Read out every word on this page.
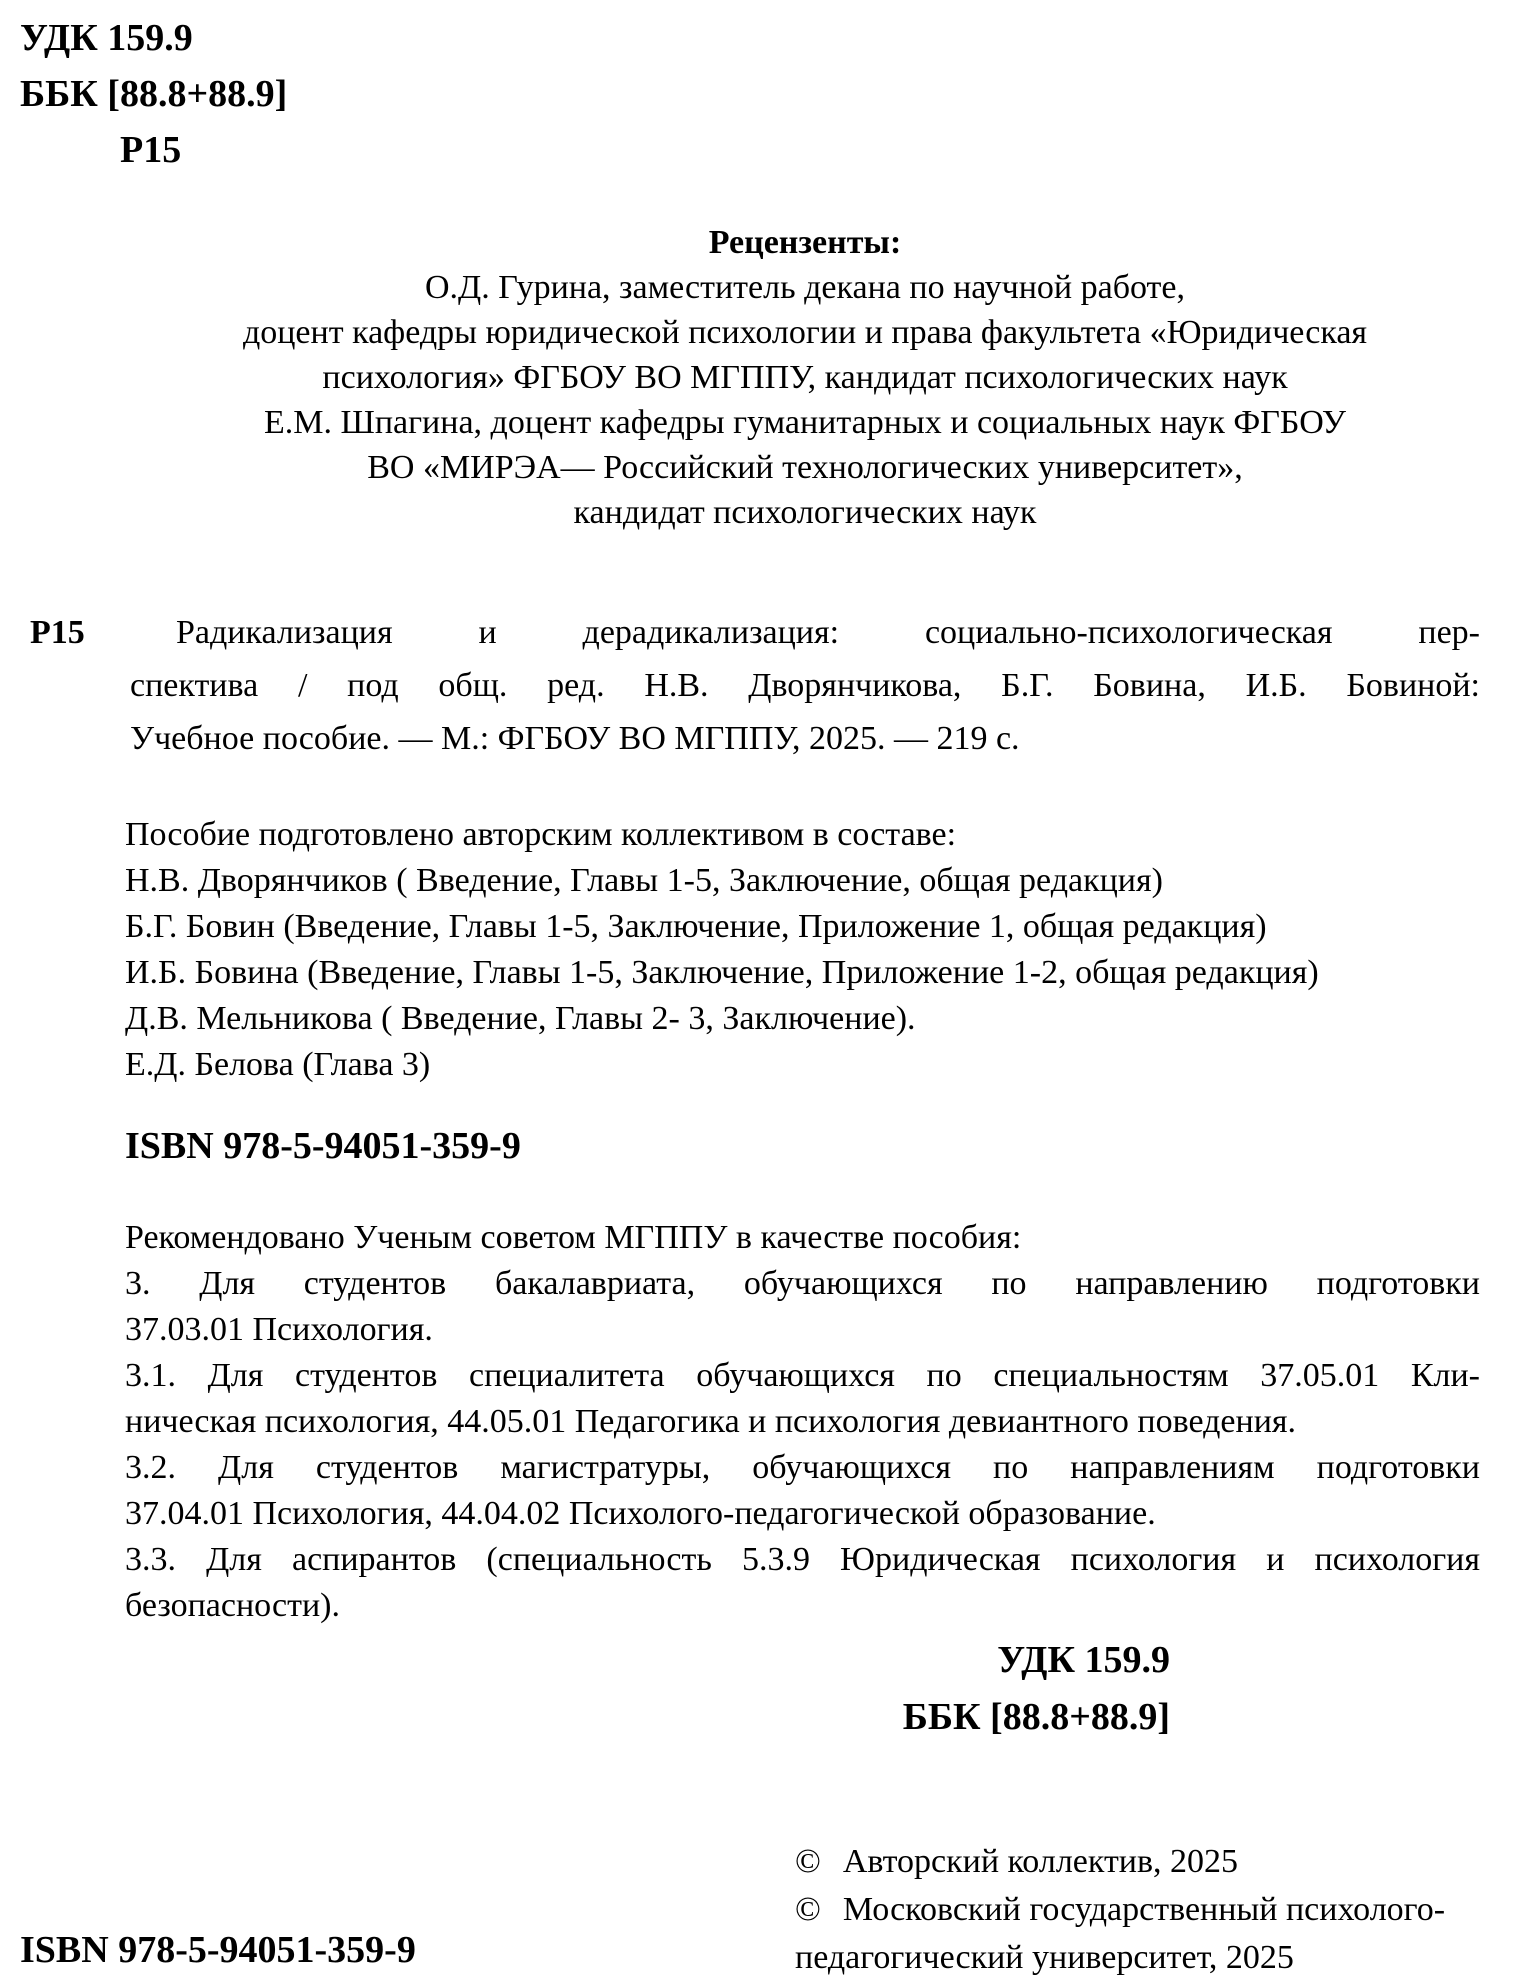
УДК 159.9
ББК [88.8+88.9]
Р15
Рецензенты:
О.Д. Гурина, заместитель декана по научной работе,
доцент кафедры юридической психологии и права факультета «Юридическая
психология» ФГБОУ ВО МГППУ, кандидат психологических наук
Е.М. Шпагина, доцент кафедры гуманитарных и социальных наук ФГБОУ
ВО «МИРЭА— Российский технологических университет»,
кандидат психологических наук
Р15	Радикализация и дерадикализация: социально-психологическая пер-
спектива / под общ. ред. Н.В. Дворянчикова, Б.Г. Бовина, И.Б. Бовиной:
Учебное пособие. — М.: ФГБОУ ВО МГППУ, 2025. — 219 с.
Пособие подготовлено авторским коллективом в составе:
Н.В. Дворянчиков ( Введение, Главы 1-5, Заключение, общая редакция)
Б.Г. Бовин (Введение, Главы 1-5, Заключение, Приложение 1, общая редакция)
И.Б. Бовина (Введение, Главы 1-5, Заключение, Приложение 1-2, общая редакция)
Д.В. Мельникова ( Введение, Главы 2- 3, Заключение).
Е.Д. Белова (Глава 3)
ISBN 978-5-94051-359-9
Рекомендовано Ученым советом МГППУ в качестве пособия:
3. Для студентов бакалавриата, обучающихся по направлению подготовки
37.03.01 Психология.
3.1. Для студентов специалитета обучающихся по специальностям 37.05.01 Кли-
ническая психология, 44.05.01 Педагогика и психология девиантного поведения.
3.2. Для студентов магистратуры, обучающихся по направлениям подготовки
37.04.01 Психология, 44.04.02 Психолого-педагогической образование.
3.3. Для аспирантов (специальность 5.3.9 Юридическая психология и психология
безопасности).
УДК 159.9
ББК [88.8+88.9]
© Авторский коллектив, 2025
© Московский государственный психолого-
педагогический университет, 2025
ISBN 978-5-94051-359-9
